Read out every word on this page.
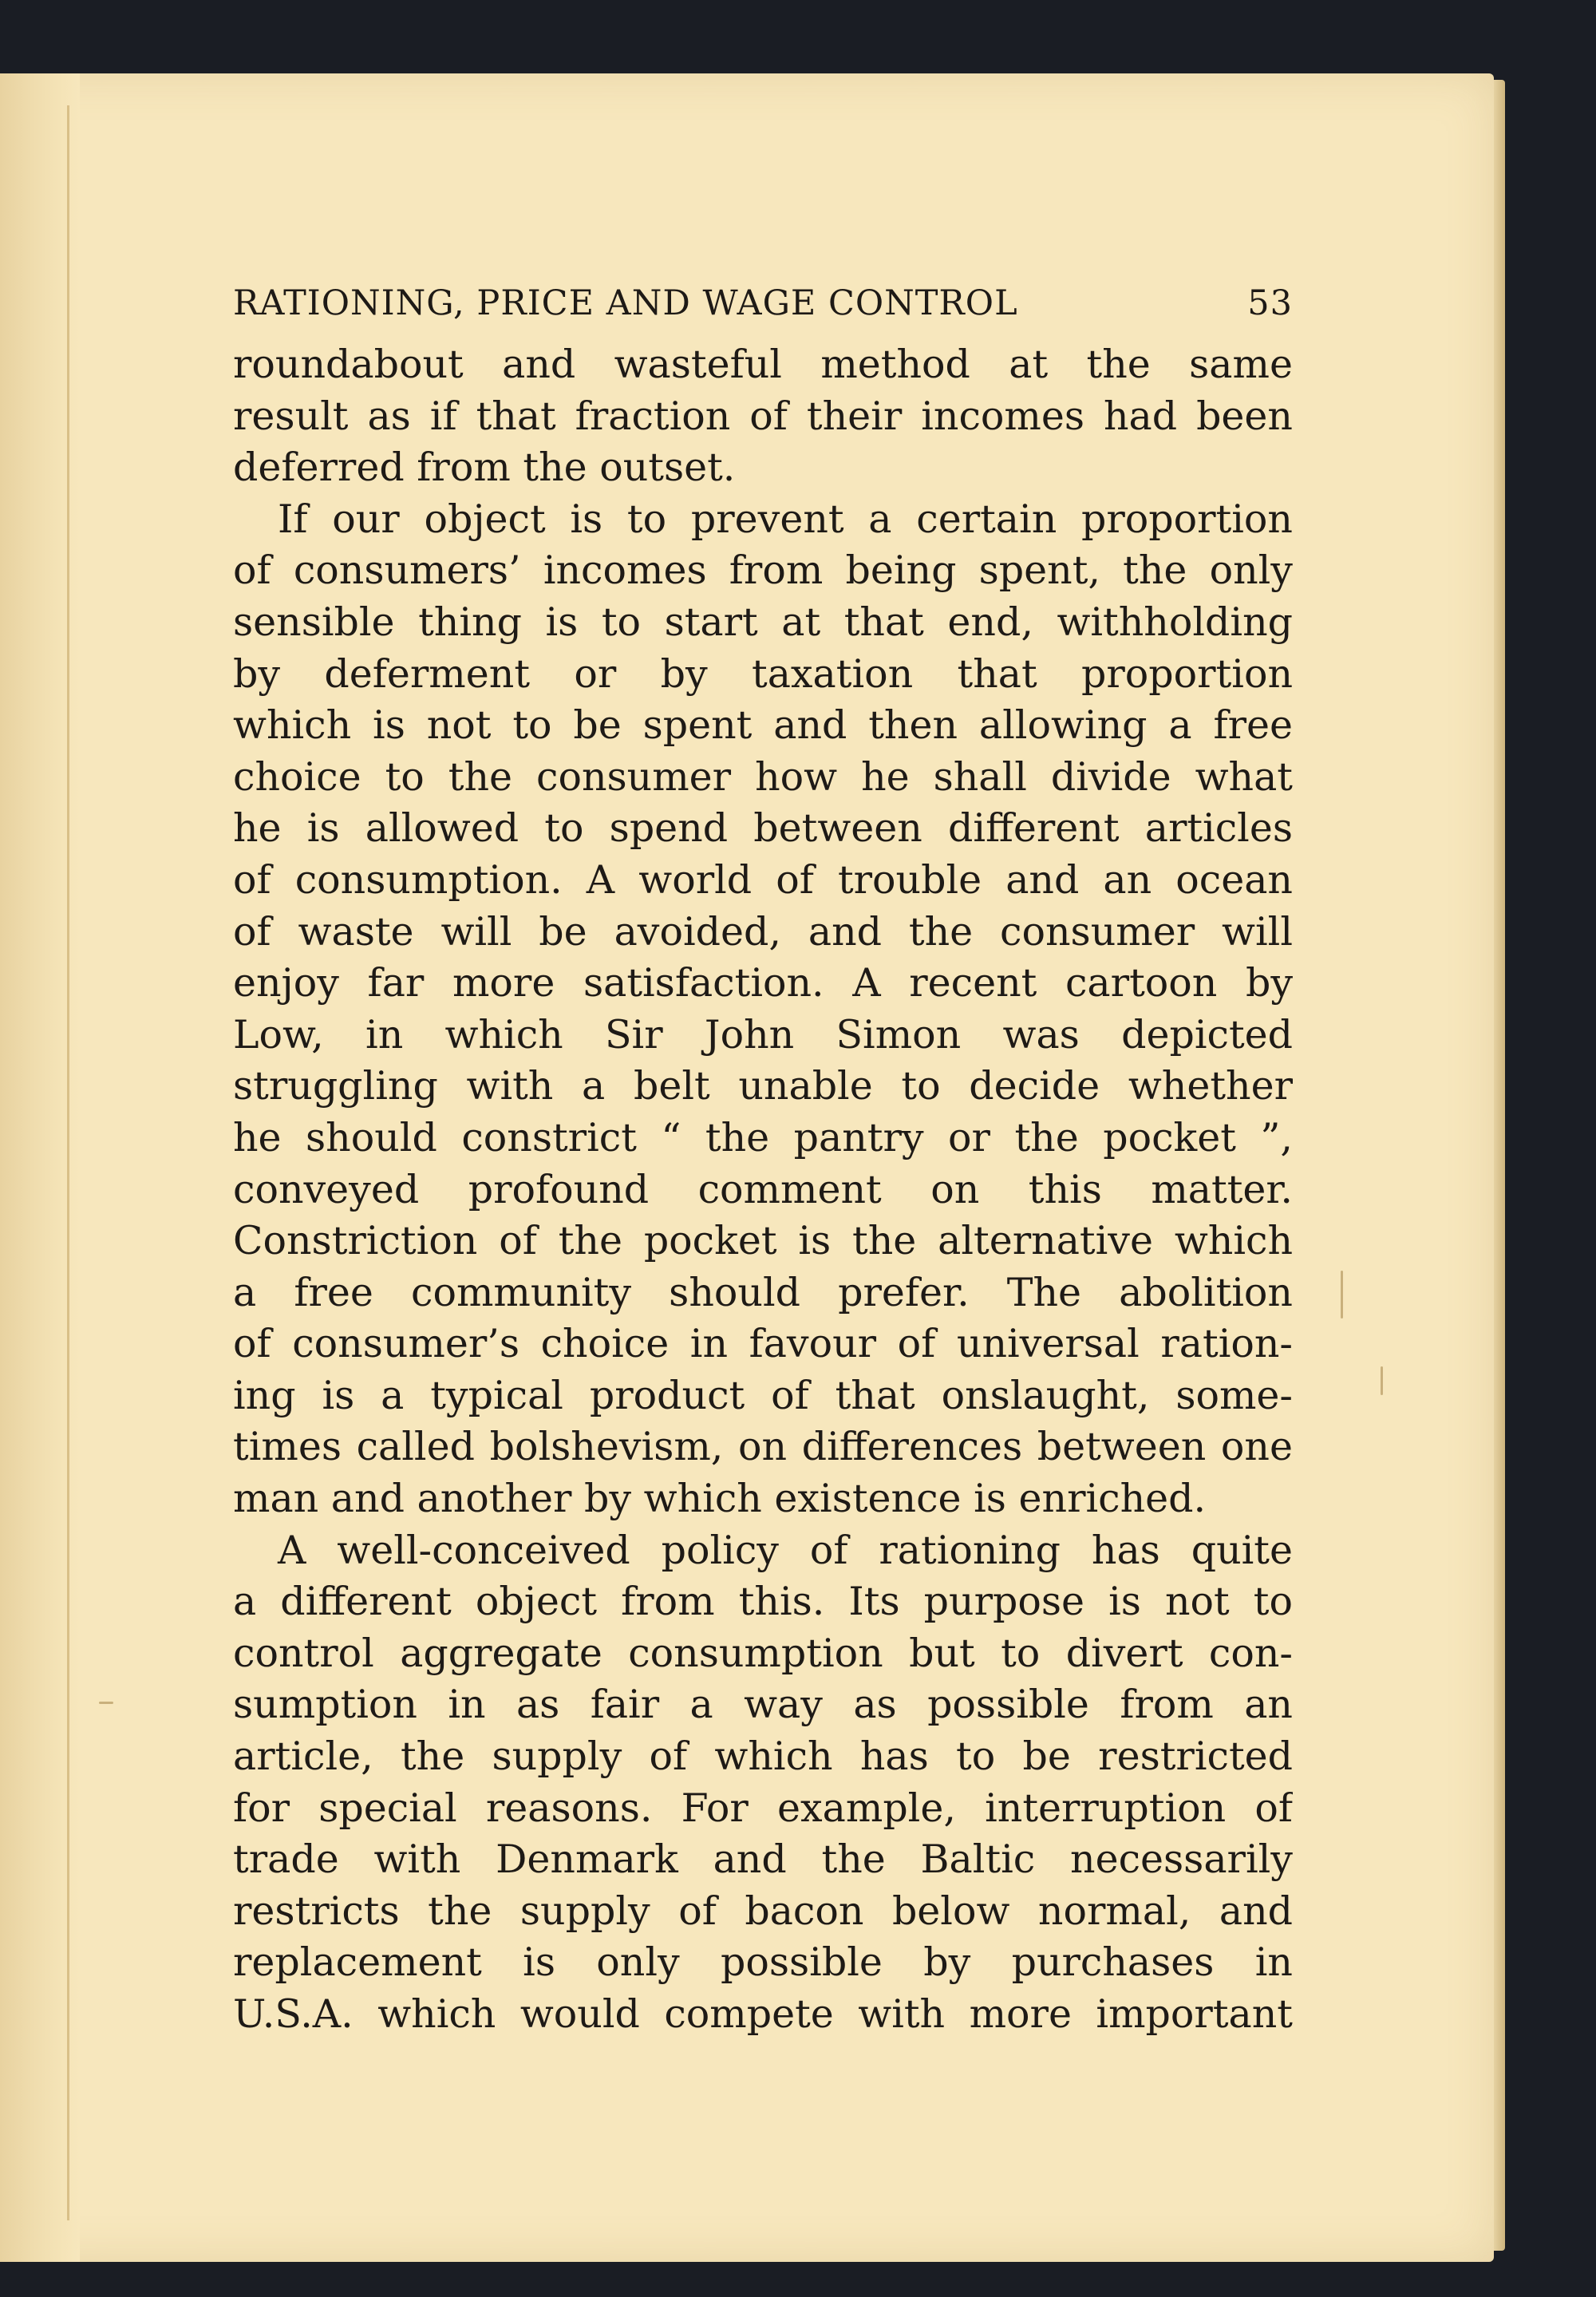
RATIONING, PRICE AND WAGE CONTROL	53
roundabout and wasteful method at the same
result as if that fraction of their incomes had been
deferred from the outset.
If our object is to prevent a certain proportion
of consumers’ incomes from being spent, the only
sensible thing is to start at that end, withholding
by deferment or by taxation that proportion
which is not to be spent and then allowing a free
choice to the consumer how he shall divide what
he is allowed to spend between different articles
of consumption. A world of trouble and an ocean
of waste will be avoided, and the consumer will
enjoy far more satisfaction. A recent cartoon by
Low, in which Sir John Simon was depicted
struggling with a belt unable to decide whether
he should constrict “ the pantry or the pocket ”,
conveyed profound comment on this matter.
Constriction of the pocket is the alternative which
a free community should prefer. The abolition
of consumer’s choice in favour of universal ration-
ing is a typical product of that onslaught, some-
times called bolshevism, on differences between one
man and another by which existence is enriched.
A well-conceived policy of rationing has quite
a different object from this. Its purpose is not to
control aggregate consumption but to divert con-
sumption in as fair a way as possible from an
article, the supply of which has to be restricted
for special reasons. For example, interruption of
trade with Denmark and the Baltic necessarily
restricts the supply of bacon below normal, and
replacement is only possible by purchases in
U.S.A. which would compete with more important
